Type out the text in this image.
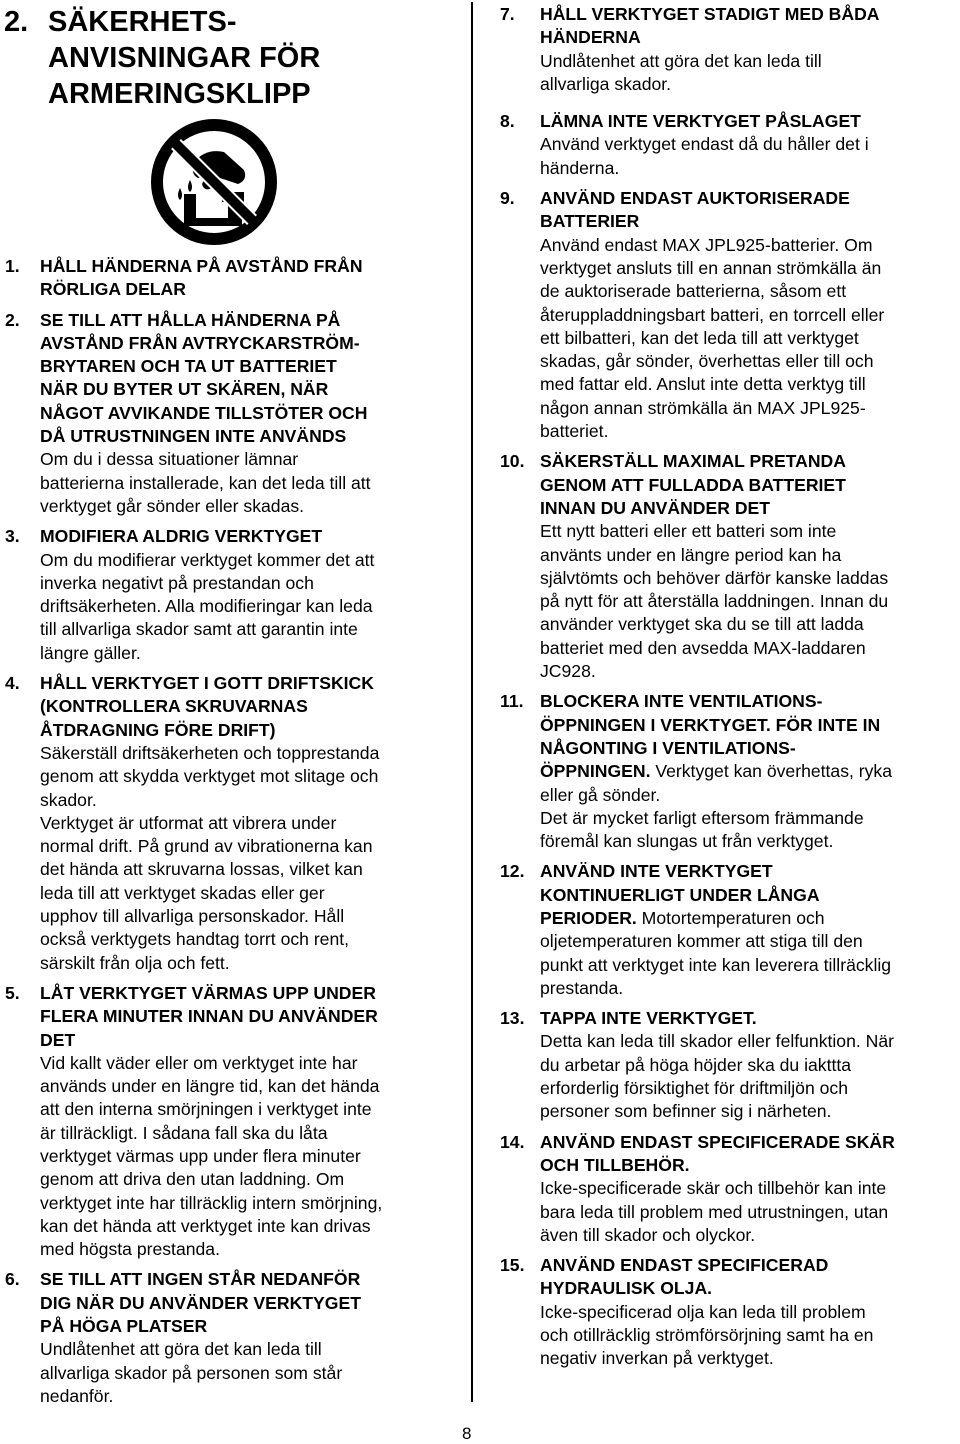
2. SÄKERHETS-
ANVISNINGAR FÖR
ARMERINGSKLIPP
1. HÅLL HÄNDERNA PÅ AVSTÅND FRÅN
RÖRLIGA DELAR
2. SE TILL ATT HÅLLA HÄNDERNA PÅ
AVSTÅND FRÅN AVTRYCKARSTRÖM-
BRYTAREN OCH TA UT BATTERIET
NÄR DU BYTER UT SKÄREN, NÄR
NÅGOT AVVIKANDE TILLSTÖTER OCH
DÅ UTRUSTNINGEN INTE ANVÄNDS
Om du i dessa situationer lämnar
batterierna installerade, kan det leda till att
verktyget går sönder eller skadas.
3. MODIFIERA ALDRIG VERKTYGET
Om du modifierar verktyget kommer det att
inverka negativt på prestandan och
driftsäkerheten. Alla modifieringar kan leda
till allvarliga skador samt att garantin inte
längre gäller.
4. HÅLL VERKTYGET I GOTT DRIFTSKICK
(KONTROLLERA SKRUVARNAS
ÅTDRAGNING FÖRE DRIFT)
Säkerställ driftsäkerheten och topprestanda
genom att skydda verktyget mot slitage och
skador.
Verktyget är utformat att vibrera under
normal drift. På grund av vibrationerna kan
det hända att skruvarna lossas, vilket kan
leda till att verktyget skadas eller ger
upphov till allvarliga personskador. Håll
också verktygets handtag torrt och rent,
särskilt från olja och fett.
5. LÅT VERKTYGET VÄRMAS UPP UNDER
FLERA MINUTER INNAN DU ANVÄNDER
DET
Vid kallt väder eller om verktyget inte har
används under en längre tid, kan det hända
att den interna smörjningen i verktyget inte
är tillräckligt. I sådana fall ska du låta
verktyget värmas upp under flera minuter
genom att driva den utan laddning. Om
verktyget inte har tillräcklig intern smörjning,
kan det hända att verktyget inte kan drivas
med högsta prestanda.
6. SE TILL ATT INGEN STÅR NEDANFÖR
DIG NÄR DU ANVÄNDER VERKTYGET
PÅ HÖGA PLATSER
Undlåtenhet att göra det kan leda till
allvarliga skador på personen som står
nedanför.
7. HÅLL VERKTYGET STADIGT MED BÅDA
HÄNDERNA
Undlåtenhet att göra det kan leda till
allvarliga skador.
8. LÄMNA INTE VERKTYGET PÅSLAGET
Använd verktyget endast då du håller det i
händerna.
9. ANVÄND ENDAST AUKTORISERADE
BATTERIER
Använd endast MAX JPL925-batterier. Om
verktyget ansluts till en annan strömkälla än
de auktoriserade batterierna, såsom ett
återuppladdningsbart batteri, en torrcell eller
ett bilbatteri, kan det leda till att verktyget
skadas, går sönder, överhettas eller till och
med fattar eld. Anslut inte detta verktyg till
någon annan strömkälla än MAX JPL925-
batteriet.
10. SÄKERSTÄLL MAXIMAL PRETANDA
GENOM ATT FULLADDA BATTERIET
INNAN DU ANVÄNDER DET
Ett nytt batteri eller ett batteri som inte
använts under en längre period kan ha
självtömts och behöver därför kanske laddas
på nytt för att återställa laddningen. Innan du
använder verktyget ska du se till att ladda
batteriet med den avsedda MAX-laddaren
JC928.
11. BLOCKERA INTE VENTILATIONS-
ÖPPNINGEN I VERKTYGET. FÖR INTE IN
NÅGONTING I VENTILATIONS-
ÖPPNINGEN. Verktyget kan överhettas, ryka
eller gå sönder.
Det är mycket farligt eftersom främmande
föremål kan slungas ut från verktyget.
12. ANVÄND INTE VERKTYGET
KONTINUERLIGT UNDER LÅNGA
PERIODER. Motortemperaturen och
oljetemperaturen kommer att stiga till den
punkt att verktyget inte kan leverera tillräcklig
prestanda.
13. TAPPA INTE VERKTYGET.
Detta kan leda till skador eller felfunktion. När
du arbetar på höga höjder ska du iakttta
erforderlig försiktighet för driftmiljön och
personer som befinner sig i närheten.
14. ANVÄND ENDAST SPECIFICERADE SKÄR
OCH TILLBEHÖR.
Icke-specificerade skär och tillbehör kan inte
bara leda till problem med utrustningen, utan
även till skador och olyckor.
15. ANVÄND ENDAST SPECIFICERAD
HYDRAULISK OLJA.
Icke-specificerad olja kan leda till problem
och otillräcklig strömförsörjning samt ha en
negativ inverkan på verktyget.
8
